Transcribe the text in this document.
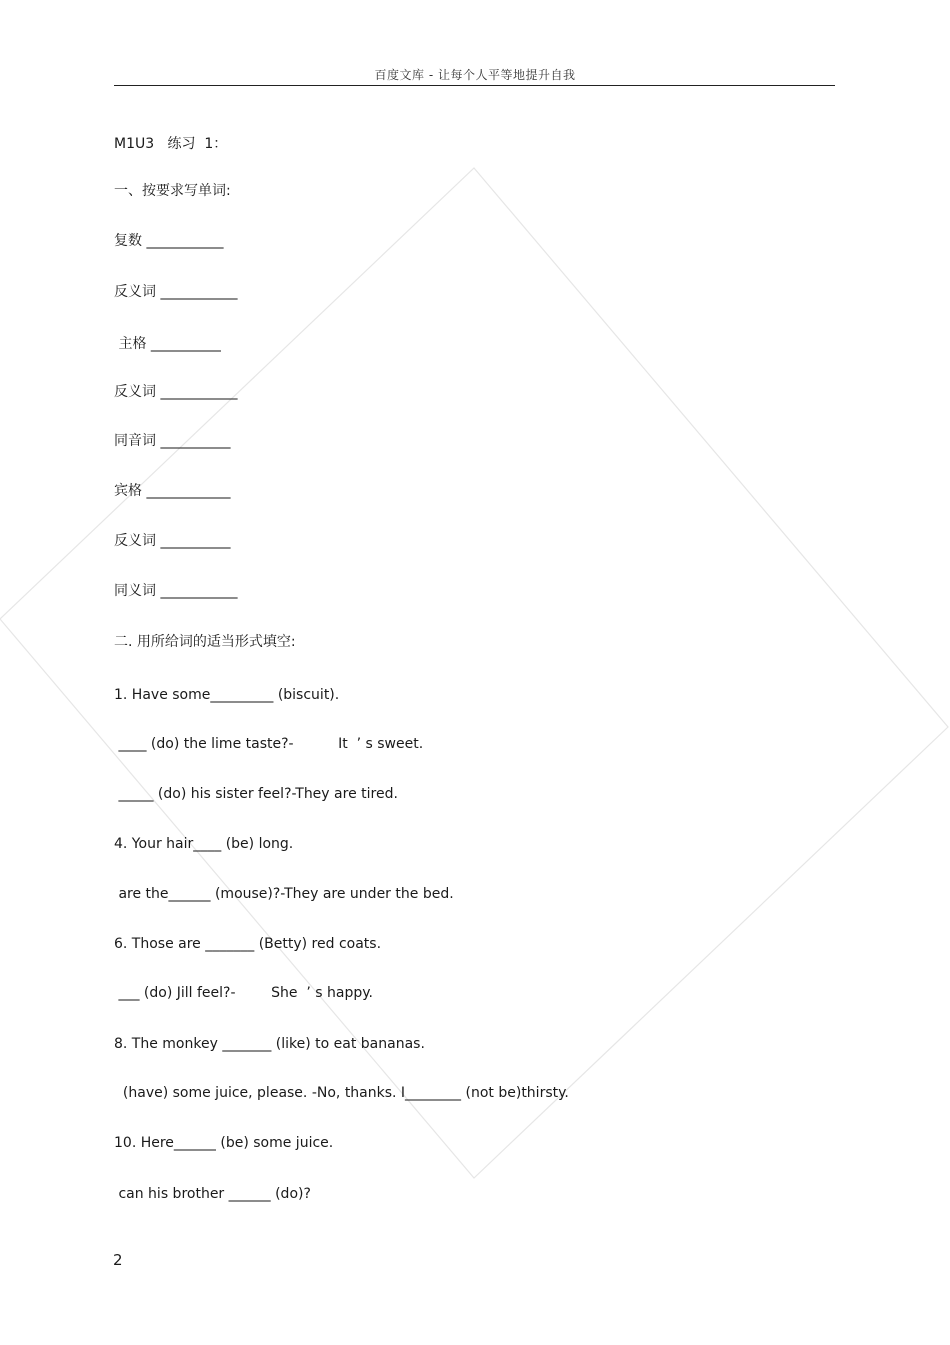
百度文库 - 让每个人平等地提升自我
M1U3   练习  1：
一、按要求写单词:
复数 ___________
反义词 ___________
主格 __________
反义词 ___________
同音词 __________
宾格 ____________
反义词 __________
同义词 ___________
二. 用所给词的适当形式填空:
1. Have some_________ (biscuit).
____ (do) the lime taste?-          It  ’ s sweet.
_____ (do) his sister feel?-They are tired.
4. Your hair____ (be) long.
are the______ (mouse)?-They are under the bed.
6. Those are _______ (Betty) red coats.
___ (do) Jill feel?-        She  ’ s happy.
8. The monkey _______ (like) to eat bananas.
(have) some juice, please. -No, thanks. I________ (not be)thirsty.
10. Here______ (be) some juice.
can his brother ______ (do)?
2
